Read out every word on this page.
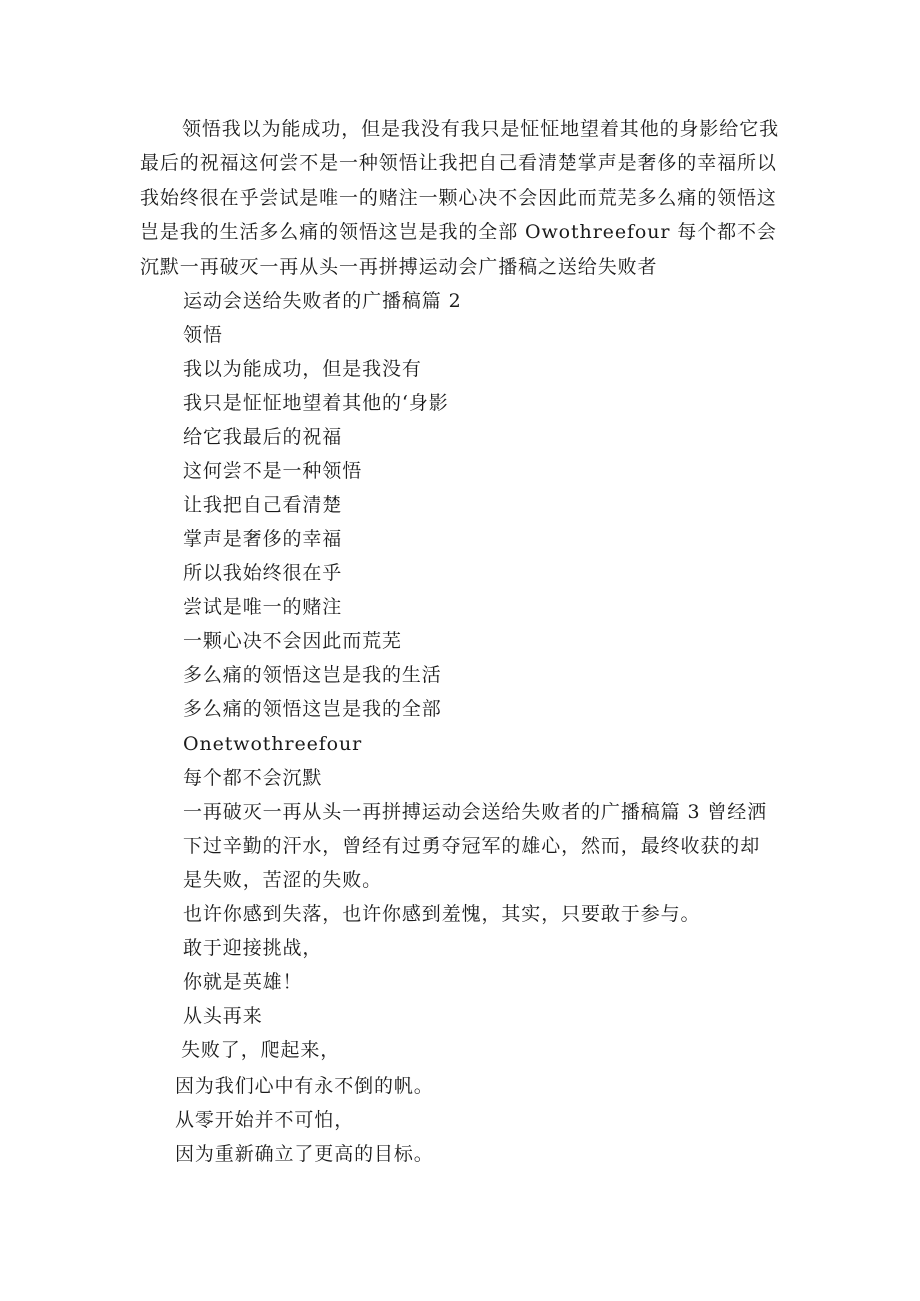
领悟我以为能成功，但是我没有我只是怔怔地望着其他的身影给它我最后的祝福这何尝不是一种领悟让我把自己看清楚掌声是奢侈的幸福所以我始终很在乎尝试是唯一的赌注一颗心决不会因此而荒芜多么痛的领悟这岂是我的生活多么痛的领悟这岂是我的全部 Owothreefour 每个都不会沉默一再破灭一再从头一再拼搏运动会广播稿之送给失败者

运动会送给失败者的广播稿篇 2
领悟
我以为能成功，但是我没有
我只是怔怔地望着其他的‘身影
给它我最后的祝福
这何尝不是一种领悟
让我把自己看清楚
掌声是奢侈的幸福
所以我始终很在乎
尝试是唯一的赌注
一颗心决不会因此而荒芜
多么痛的领悟这岂是我的生活
多么痛的领悟这岂是我的全部
Onetwothreefour
每个都不会沉默
一再破灭一再从头一再拼搏运动会送给失败者的广播稿篇 3 曾经洒
下过辛勤的汗水，曾经有过勇夺冠军的雄心，然而，最终收获的却
是失败，苦涩的失败。
也许你感到失落，也许你感到羞愧，其实，只要敢于参与。
敢于迎接挑战，
你就是英雄！
从头再来
失败了，爬起来，
因为我们心中有永不倒的帆。
从零开始并不可怕，
因为重新确立了更高的目标。
